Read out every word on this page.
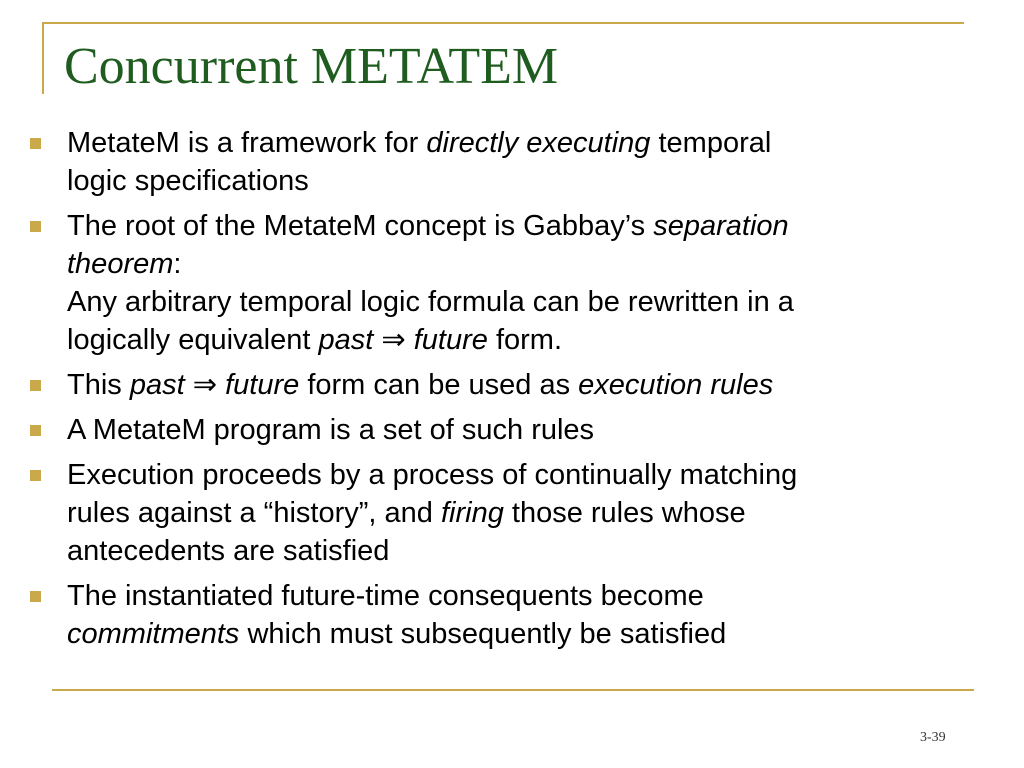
Concurrent METATEM
MetateM is a framework for directly executing temporal
logic specifications
The root of the MetateM concept is Gabbay’s separation
theorem:
Any arbitrary temporal logic formula can be rewritten in a
logically equivalent past ⇒ future form.
This past ⇒ future form can be used as execution rules
A MetateM program is a set of such rules
Execution proceeds by a process of continually matching
rules against a “history”, and firing those rules whose
antecedents are satisfied
The instantiated future-time consequents become
commitments which must subsequently be satisfied
3-39
